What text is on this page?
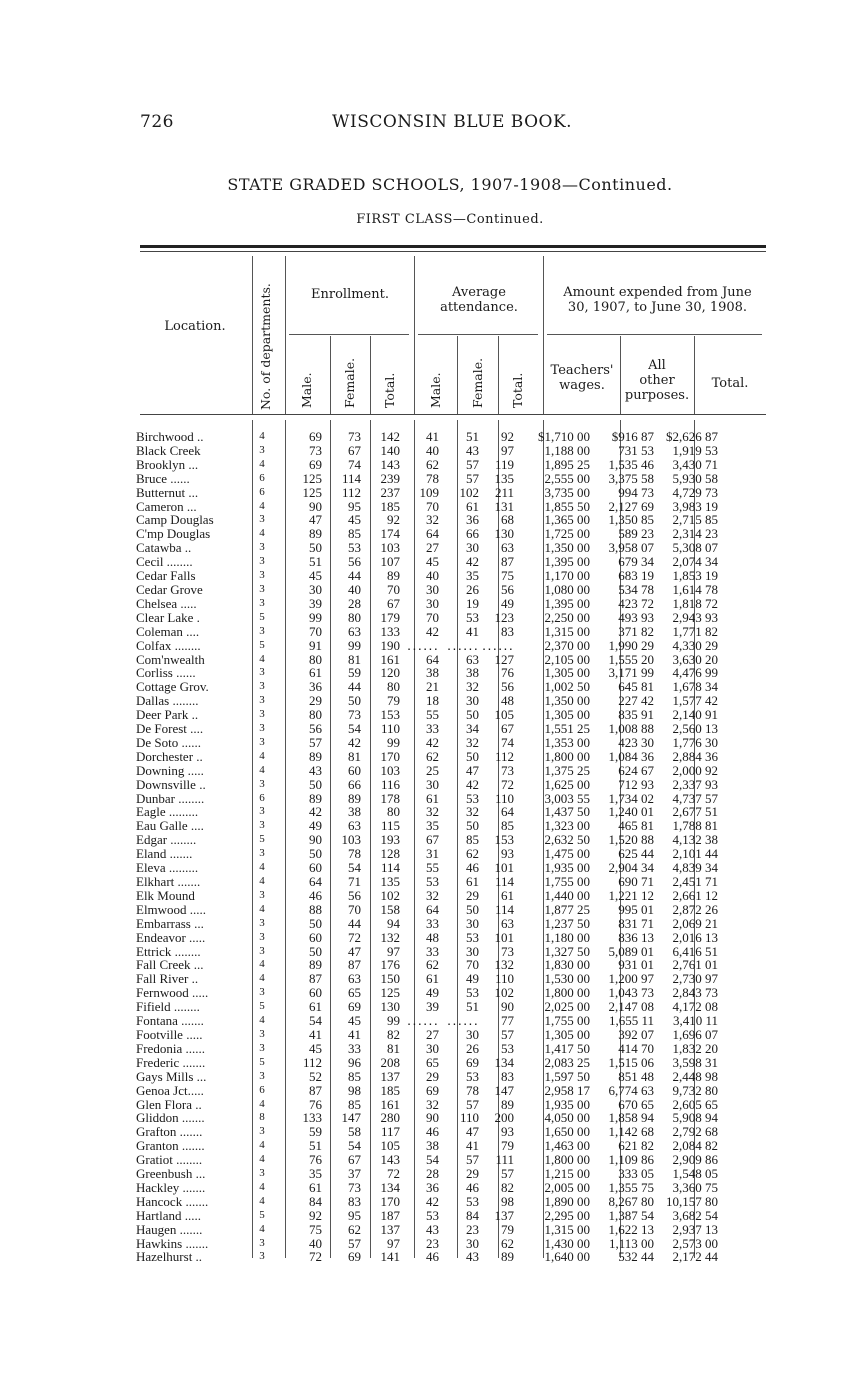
726	WISCONSIN BLUE BOOK.
STATE GRADED SCHOOLS, 1907-1908—Continued.
FIRST CLASS—Continued.
Location.	No. of departments.	Enrollment.	Average
attendance.
Amount expended from June
30, 1907, to June 30, 1908.
Male. Female. Total. Male. Female. Total.
Teachers'
wages.
All
other
purposes.
Total.
Birchwood ..	4	69	73	142	41	51	92	$1,710 00	$916 87	$2,626 87
Black Creek	3	73	67	140	40	43	97	1,188 00	731 53	1,919 53
Brooklyn ...	4	69	74	143	62	57	119	1,895 25	1,535 46	3,430 71
Bruce ......	6	125	114	239	78	57	135	2,555 00	3,375 58	5,930 58
Butternut ...	6	125	112	237	109	102	211	3,735 00	994 73	4,729 73
Cameron ...	4	90	95	185	70	61	131	1,855 50	2,127 69	3,983 19
Camp Douglas	3	47	45	92	32	36	68	1,365 00	1,350 85	2,715 85
C'mp Douglas	4	89	85	174	64	66	130	1,725 00	589 23	2,314 23
Catawba ..	3	50	53	103	27	30	63	1,350 00	3,958 07	5,308 07
Cecil ........	3	51	56	107	45	42	87	1,395 00	679 34	2,074 34
Cedar Falls	3	45	44	89	40	35	75	1,170 00	683 19	1,853 19
Cedar Grove	3	30	40	70	30	26	56	1,080 00	534 78	1,614 78
Chelsea .....	3	39	28	67	30	19	49	1,395 00	423 72	1,818 72
Clear Lake .	5	99	80	179	70	53	123	2,250 00	493 93	2,943 93
Coleman ....	3	70	63	133	42	41	83	1,315 00	371 82	1,771 82
Colfax ........	5	91	99	190	․․․․․․	․․․․․․	․․․․․․	2,370 00	1,990 29	4,330 29
Com'nwealth	4	80	81	161	64	63	127	2,105 00	1,555 20	3,630 20
Corliss ......	3	61	59	120	38	38	76	1,305 00	3,171 99	4,476 99
Cottage Grov.	3	36	44	80	21	32	56	1,002 50	645 81	1,678 34
Dallas ........	3	29	50	79	18	30	48	1,350 00	227 42	1,577 42
Deer Park ..	3	80	73	153	55	50	105	1,305 00	835 91	2,140 91
De Forest ....	3	56	54	110	33	34	67	1,551 25	1,008 88	2,560 13
De Soto ......	3	57	42	99	42	32	74	1,353 00	423 30	1,776 30
Dorchester ..	4	89	81	170	62	50	112	1,800 00	1,084 36	2,884 36
Downing .....	4	43	60	103	25	47	73	1,375 25	624 67	2,000 92
Downsville ..	3	50	66	116	30	42	72	1,625 00	712 93	2,337 93
Dunbar ........	6	89	89	178	61	53	110	3,003 55	1,734 02	4,737 57
Eagle .........	3	42	38	80	32	32	64	1,437 50	1,240 01	2,677 51
Eau Galle ....	3	49	63	115	35	50	85	1,323 00	465 81	1,788 81
Edgar ........	5	90	103	193	67	85	153	2,632 50	1,520 88	4,132 38
Eland .......	3	50	78	128	31	62	93	1,475 00	625 44	2,101 44
Eleva .........	4	60	54	114	55	46	101	1,935 00	2,904 34	4,839 34
Elkhart .......	4	64	71	135	53	61	114	1,755 00	690 71	2,451 71
Elk Mound	3	46	56	102	32	29	61	1,440 00	1,221 12	2,661 12
Elmwood .....	4	88	70	158	64	50	114	1,877 25	995 01	2,872 26
Embarrass ...	3	50	44	94	33	30	63	1,237 50	831 71	2,069 21
Endeavor .....	3	60	72	132	48	53	101	1,180 00	836 13	2,016 13
Ettrick ........	3	50	47	97	33	30	73	1,327 50	5,089 01	6,416 51
Fall Creek ...	4	89	87	176	62	70	132	1,830 00	931 01	2,761 01
Fall River ..	4	87	63	150	61	49	110	1,530 00	1,200 97	2,730 97
Fernwood .....	3	60	65	125	49	53	102	1,800 00	1,043 73	2,843 73
Fifield ........	5	61	69	130	39	51	90	2,025 00	2,147 08	4,172 08
Fontana .......	4	54	45	99	․․․․․․	․․․․․․	77	1,755 00	1,655 11	3,410 11
Footville .....	3	41	41	82	27	30	57	1,305 00	392 07	1,696 07
Fredonia ......	3	45	33	81	30	26	53	1,417 50	414 70	1,832 20
Frederic .......	5	112	96	208	65	69	134	2,083 25	1,515 06	3,598 31
Gays Mills ...	3	52	85	137	29	53	83	1,597 50	851 48	2,448 98
Genoa Jct.....	6	87	98	185	69	78	147	2,958 17	6,774 63	9,732 80
Glen Flora ..	4	76	85	161	32	57	89	1,935 00	670 65	2,605 65
Gliddon .......	8	133	147	280	90	110	200	4,050 00	1,858 94	5,908 94
Grafton .......	3	59	58	117	46	47	93	1,650 00	1,142 68	2,792 68
Granton .......	4	51	54	105	38	41	79	1,463 00	621 82	2,084 82
Gratiot ........	4	76	67	143	54	57	111	1,800 00	1,109 86	2,909 86
Greenbush ...	3	35	37	72	28	29	57	1,215 00	333 05	1,548 05
Hackley .......	4	61	73	134	36	46	82	2,005 00	1,355 75	3,360 75
Hancock .......	4	84	83	170	42	53	98	1,890 00	8,267 80	10,157 80
Hartland .....	5	92	95	187	53	84	137	2,295 00	1,387 54	3,682 54
Haugen .......	4	75	62	137	43	23	79	1,315 00	1,622 13	2,937 13
Hawkins .......	3	40	57	97	23	30	62	1,430 00	1,113 00	2,573 00
Hazelhurst ..	3	72	69	141	46	43	89	1,640 00	532 44	2,172 44
